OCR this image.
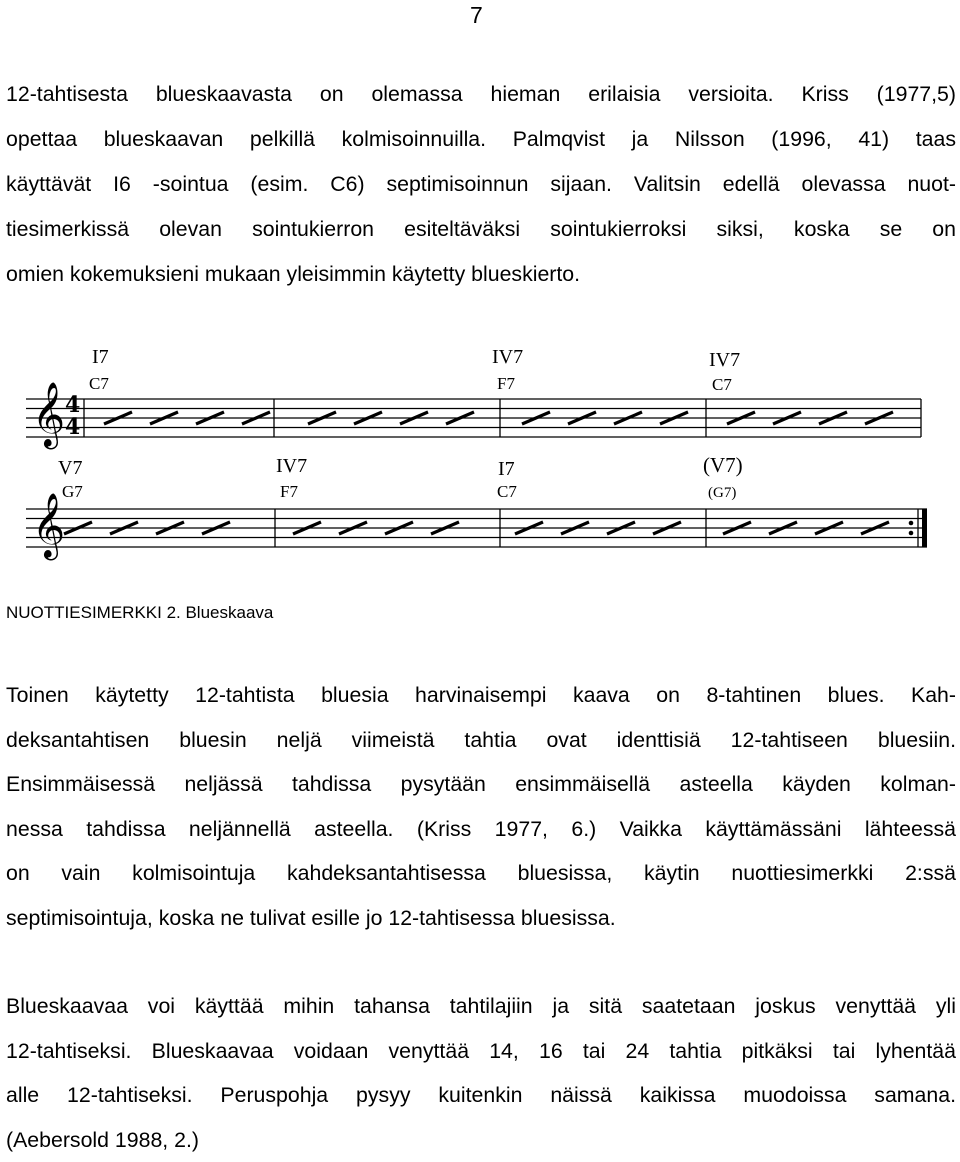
7
12-tahtisesta blueskaavasta on olemassa hieman erilaisia versioita. Kriss (1977,5)
opettaa blueskaavan pelkillä kolmisoinnuilla. Palmqvist ja Nilsson (1996, 41) taas
käyttävät I6 -sointua (esim. C6) septimisoinnun sijaan. Valitsin edellä olevassa nuot-
tiesimerkissä olevan sointukierron esiteltäväksi sointukierroksi siksi, koska se on
omien kokemuksieni mukaan yleisimmin käytetty blueskierto.
𝄞 4
4
𝄞
I7
C7
IV7
F7
IV7
C7
V7
G7
IV7
F7
I7
C7
(V7)
(G7)
NUOTTIESIMERKKI 2. Blueskaava
Toinen käytetty 12-tahtista bluesia harvinaisempi kaava on 8-tahtinen blues. Kah-
deksantahtisen bluesin neljä viimeistä tahtia ovat identtisiä 12-tahtiseen bluesiin.
Ensimmäisessä neljässä tahdissa pysytään ensimmäisellä asteella käyden kolman-
nessa tahdissa neljännellä asteella. (Kriss 1977, 6.) Vaikka käyttämässäni lähteessä
on vain kolmisointuja kahdeksantahtisessa bluesissa, käytin nuottiesimerkki 2:ssä
septimisointuja, koska ne tulivat esille jo 12-tahtisessa bluesissa.
Blueskaavaa voi käyttää mihin tahansa tahtilajiin ja sitä saatetaan joskus venyttää yli
12-tahtiseksi. Blueskaavaa voidaan venyttää 14, 16 tai 24 tahtia pitkäksi tai lyhentää
alle 12-tahtiseksi. Peruspohja pysyy kuitenkin näissä kaikissa muodoissa samana.
(Aebersold 1988, 2.)
